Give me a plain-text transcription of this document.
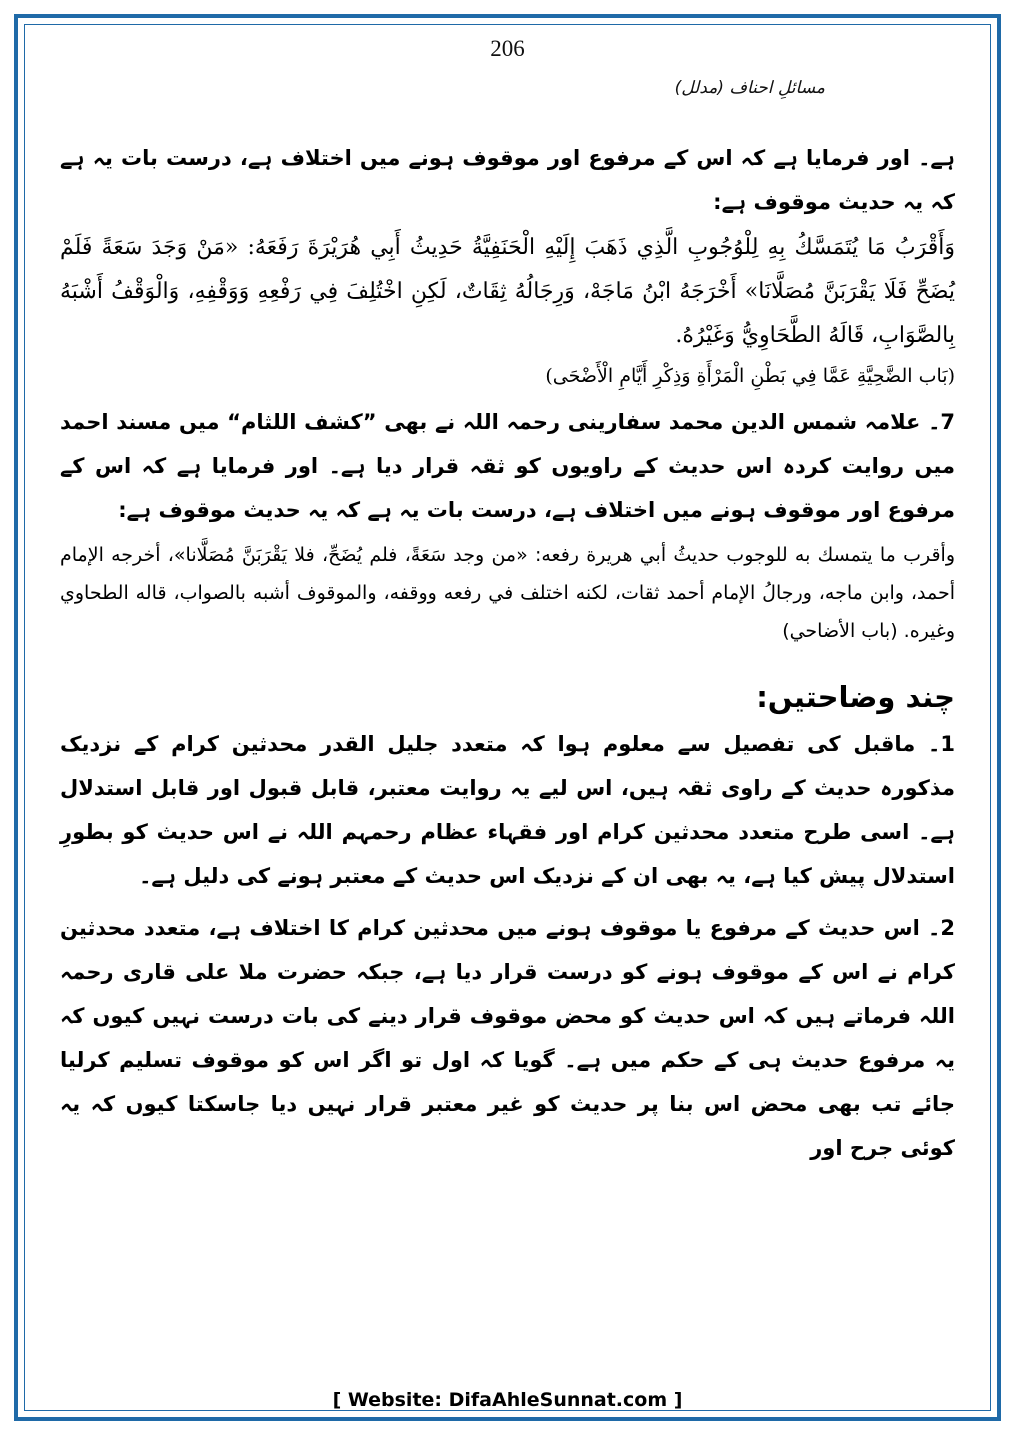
206
مسائلِ احناف (مدلل)

ہے۔ اور فرمایا ہے کہ اس کے مرفوع اور موقوف ہونے میں اختلاف ہے، درست بات یہ ہے کہ یہ حدیث موقوف ہے:

وَأَقْرَبُ مَا يُتَمَسَّكُ بِهِ لِلْوُجُوبِ الَّذِي ذَهَبَ إِلَيْهِ الْحَنَفِيَّةُ حَدِيثُ أَبِي هُرَيْرَةَ رَفَعَهُ: «مَنْ وَجَدَ سَعَةً فَلَمْ يُضَحِّ فَلَا يَقْرَبَنَّ مُصَلَّانَا» أَخْرَجَهُ ابْنُ مَاجَهْ، وَرِجَالُهُ ثِقَاتٌ، لَكِنِ اخْتُلِفَ فِي رَفْعِهِ وَوَقْفِهِ، وَالْوَقْفُ أَشْبَهُ بِالصَّوَابِ، قَالَهُ الطَّحَاوِيُّ وَغَيْرُهُ.

(بَاب الضَّحِيَّةِ عَمَّا فِي بَطْنِ الْمَرْأَةِ وَذِكْرِ أَيَّامِ الْأَضْحَى)

7۔ علامہ شمس الدین محمد سفارینی رحمہ اللہ نے بھی ”کشف اللثام“ میں مسند احمد میں روایت کردہ اس حدیث کے راویوں کو ثقہ قرار دیا ہے۔ اور فرمایا ہے کہ اس کے مرفوع اور موقوف ہونے میں اختلاف ہے، درست بات یہ ہے کہ یہ حدیث موقوف ہے:

وأقرب ما يتمسك به للوجوب حديثُ أبي هريرة رفعه: «من وجد سَعَةً، فلم يُضَحِّ، فلا يَقْرَبَنَّ مُصَلَّانا»، أخرجه الإمام أحمد، وابن ماجه، ورجالُ الإمام أحمد ثقات، لكنه اختلف في رفعه ووقفه، والموقوف أشبه بالصواب، قاله الطحاوي وغيره. (باب الأضاحي)

چند وضاحتیں:

1۔ ماقبل کی تفصیل سے معلوم ہوا کہ متعدد جلیل القدر محدثین کرام کے نزدیک مذکورہ حدیث کے راوی ثقہ ہیں، اس لیے یہ روایت معتبر، قابل قبول اور قابل استدلال ہے۔ اسی طرح متعدد محدثین کرام اور فقہاء عظام رحمہم اللہ نے اس حدیث کو بطورِ استدلال پیش کیا ہے، یہ بھی ان کے نزدیک اس حدیث کے معتبر ہونے کی دلیل ہے۔

2۔ اس حدیث کے مرفوع یا موقوف ہونے میں محدثین کرام کا اختلاف ہے، متعدد محدثین کرام نے اس کے موقوف ہونے کو درست قرار دیا ہے، جبکہ حضرت ملا علی قاری رحمہ اللہ فرماتے ہیں کہ اس حدیث کو محض موقوف قرار دینے کی بات درست نہیں کیوں کہ یہ مرفوع حدیث ہی کے حکم میں ہے۔ گویا کہ اول تو اگر اس کو موقوف تسلیم کرلیا جائے تب بھی محض اس بنا پر حدیث کو غیر معتبر قرار نہیں دیا جاسکتا کیوں کہ یہ کوئی جرح اور

[ Website: DifaAhleSunnat.com ]
